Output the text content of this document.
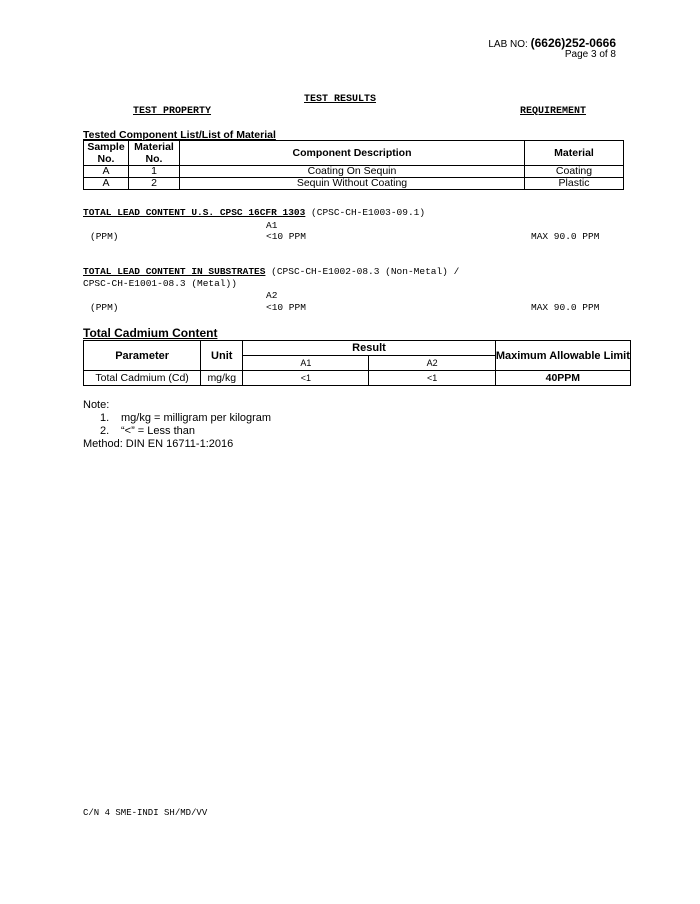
LAB NO: (6626)252-0666
Page 3 of 8
TEST RESULTS
TEST PROPERTY	REQUIREMENT
Tested Component List/List of Material
Sample No.	Material No.	Component Description	Material
A	1	Coating On Sequin	Coating
A	2	Sequin Without Coating	Plastic
TOTAL LEAD CONTENT U.S. CPSC 16CFR 1303 (CPSC-CH-E1003-09.1)
A1
(PPM)	<10 PPM	MAX 90.0 PPM
TOTAL LEAD CONTENT IN SUBSTRATES (CPSC-CH-E1002-08.3 (Non-Metal) /
CPSC-CH-E1001-08.3 (Metal))
A2
(PPM)	<10 PPM	MAX 90.0 PPM
Total Cadmium Content
Parameter	Unit	Result		Maximum Allowable Limit
		A1	A2	
Total Cadmium (Cd)	mg/kg	<1	<1	40PPM
Note:
1. mg/kg = milligram per kilogram
2. “<” = Less than
Method: DIN EN 16711-1:2016
C/N 4 SME-INDI SH/MD/VV
